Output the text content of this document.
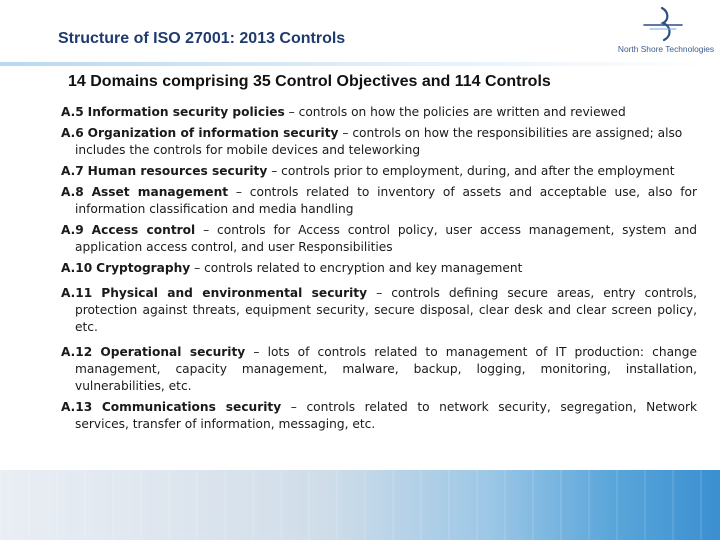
Structure of ISO 27001: 2013 Controls
North Shore Technologies
14 Domains comprising 35 Control Objectives and 114 Controls

A.5 Information security policies – controls on how the policies are written and reviewed

A.6 Organization of information security – controls on how the responsibilities are assigned; also includes the controls for mobile devices and teleworking

A.7 Human resources security – controls prior to employment, during, and after the employment

A.8 Asset management – controls related to inventory of assets and acceptable use, also for information classification and media handling

A.9 Access control – controls for Access control policy, user access management, system and application access control, and user Responsibilities

A.10 Cryptography – controls related to encryption and key management

A.11 Physical and environmental security – controls defining secure areas, entry controls, protection against threats, equipment security, secure disposal, clear desk and clear screen policy, etc.

A.12 Operational security – lots of controls related to management of IT production: change management, capacity management, malware, backup, logging, monitoring, installation, vulnerabilities, etc.

A.13 Communications security – controls related to network security, segregation, Network services, transfer of information, messaging, etc.
